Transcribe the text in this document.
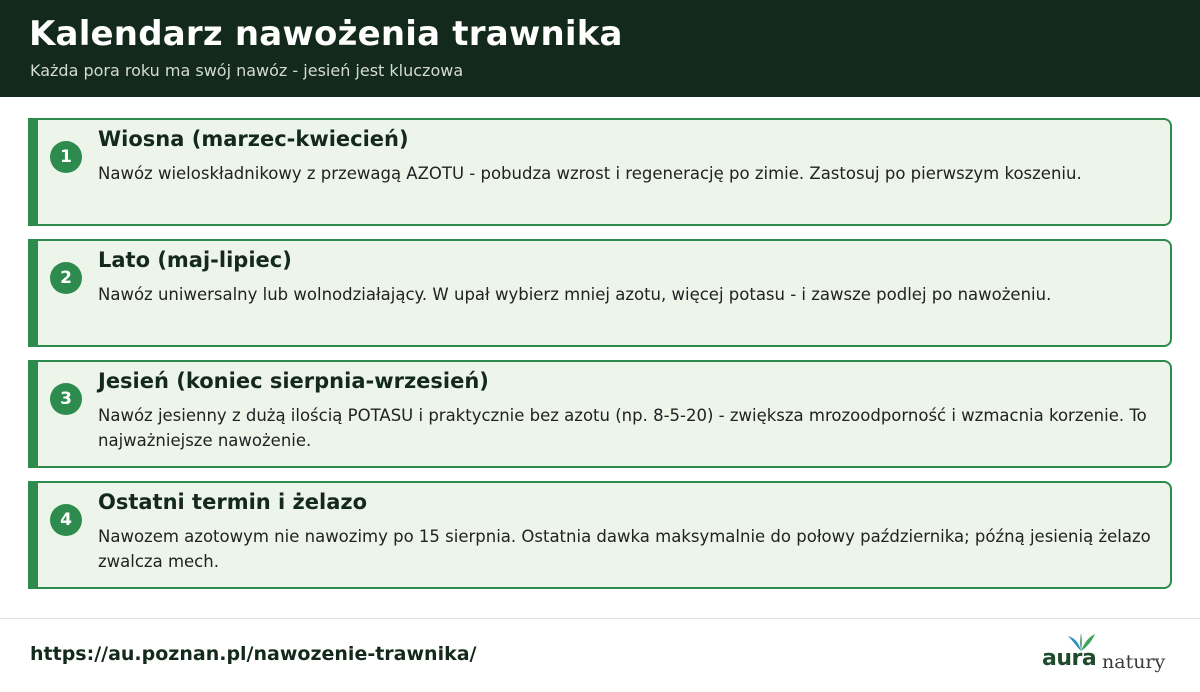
Kalendarz nawożenia trawnika
Każda pora roku ma swój nawóz - jesień jest kluczowa
1
Wiosna (marzec-kwiecień)
Nawóz wieloskładnikowy z przewagą AZOTU - pobudza wzrost i regenerację po zimie. Zastosuj po pierwszym koszeniu.
2
Lato (maj-lipiec)
Nawóz uniwersalny lub wolnodziałający. W upał wybierz mniej azotu, więcej potasu - i zawsze podlej po nawożeniu.
3
Jesień (koniec sierpnia-wrzesień)
Nawóz jesienny z dużą ilością POTASU i praktycznie bez azotu (np. 8-5-20) - zwiększa mrozoodporność i wzmacnia korzenie. To najważniejsze nawożenie.
4
Ostatni termin i żelazo
Nawozem azotowym nie nawozimy po 15 sierpnia. Ostatnia dawka maksymalnie do połowy października; późną jesienią żelazo zwalcza mech.
https://au.poznan.pl/nawozenie-trawnika/	aura natury
